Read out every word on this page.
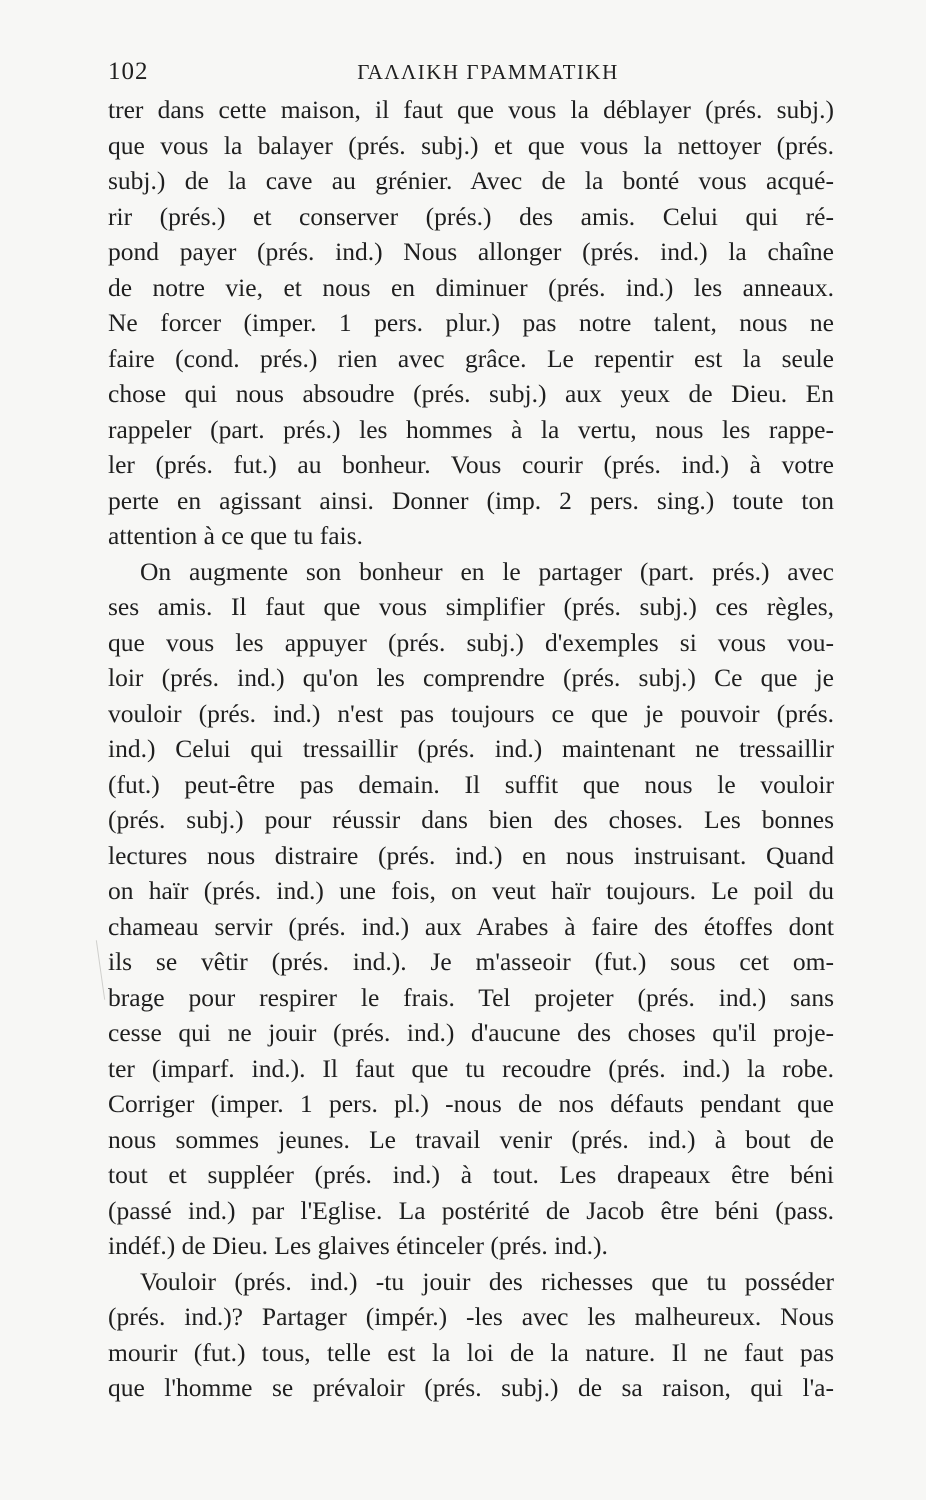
102	ΓΑΛΛΙΚΗ ΓΡΑΜΜΑΤΙΚΗ
trer dans cette maison, il faut que vous la déblayer (prés. subj.)
que vous la balayer (prés. subj.) et que vous la nettoyer (prés.
subj.) de la cave au grénier. Avec de la bonté vous acqué-
rir (prés.) et conserver (prés.) des amis. Celui qui ré-
pond payer (prés. ind.) Nous allonger (prés. ind.) la chaîne
de notre vie, et nous en diminuer (prés. ind.) les anneaux.
Ne forcer (imper. 1 pers. plur.) pas notre talent, nous ne
faire (cond. prés.) rien avec grâce. Le repentir est la seule
chose qui nous absoudre (prés. subj.) aux yeux de Dieu. En
rappeler (part. prés.) les hommes à la vertu, nous les rappe-
ler (prés. fut.) au bonheur. Vous courir (prés. ind.) à votre
perte en agissant ainsi. Donner (imp. 2 pers. sing.) toute ton
attention à ce que tu fais.
On augmente son bonheur en le partager (part. prés.) avec
ses amis. Il faut que vous simplifier (prés. subj.) ces règles,
que vous les appuyer (prés. subj.) d'exemples si vous vou-
loir (prés. ind.) qu'on les comprendre (prés. subj.) Ce que je
vouloir (prés. ind.) n'est pas toujours ce que je pouvoir (prés.
ind.) Celui qui tressaillir (prés. ind.) maintenant ne tressaillir
(fut.) peut-être pas demain. Il suffit que nous le vouloir
(prés. subj.) pour réussir dans bien des choses. Les bonnes
lectures nous distraire (prés. ind.) en nous instruisant. Quand
on haïr (prés. ind.) une fois, on veut haïr toujours. Le poil du
chameau servir (prés. ind.) aux Arabes à faire des étoffes dont
ils se vêtir (prés. ind.). Je m'asseoir (fut.) sous cet om-
brage pour respirer le frais. Tel projeter (prés. ind.) sans
cesse qui ne jouir (prés. ind.) d'aucune des choses qu'il proje-
ter (imparf. ind.). Il faut que tu recoudre (prés. ind.) la robe.
Corriger (imper. 1 pers. pl.) -nous de nos défauts pendant que
nous sommes jeunes. Le travail venir (prés. ind.) à bout de
tout et suppléer (prés. ind.) à tout. Les drapeaux être béni
(passé ind.) par l'Eglise. La postérité de Jacob être béni (pass.
indéf.) de Dieu. Les glaives étinceler (prés. ind.).
Vouloir (prés. ind.) -tu jouir des richesses que tu posséder
(prés. ind.)? Partager (impér.) -les avec les malheureux. Nous
mourir (fut.) tous, telle est la loi de la nature. Il ne faut pas
que l'homme se prévaloir (prés. subj.) de sa raison, qui l'a-
